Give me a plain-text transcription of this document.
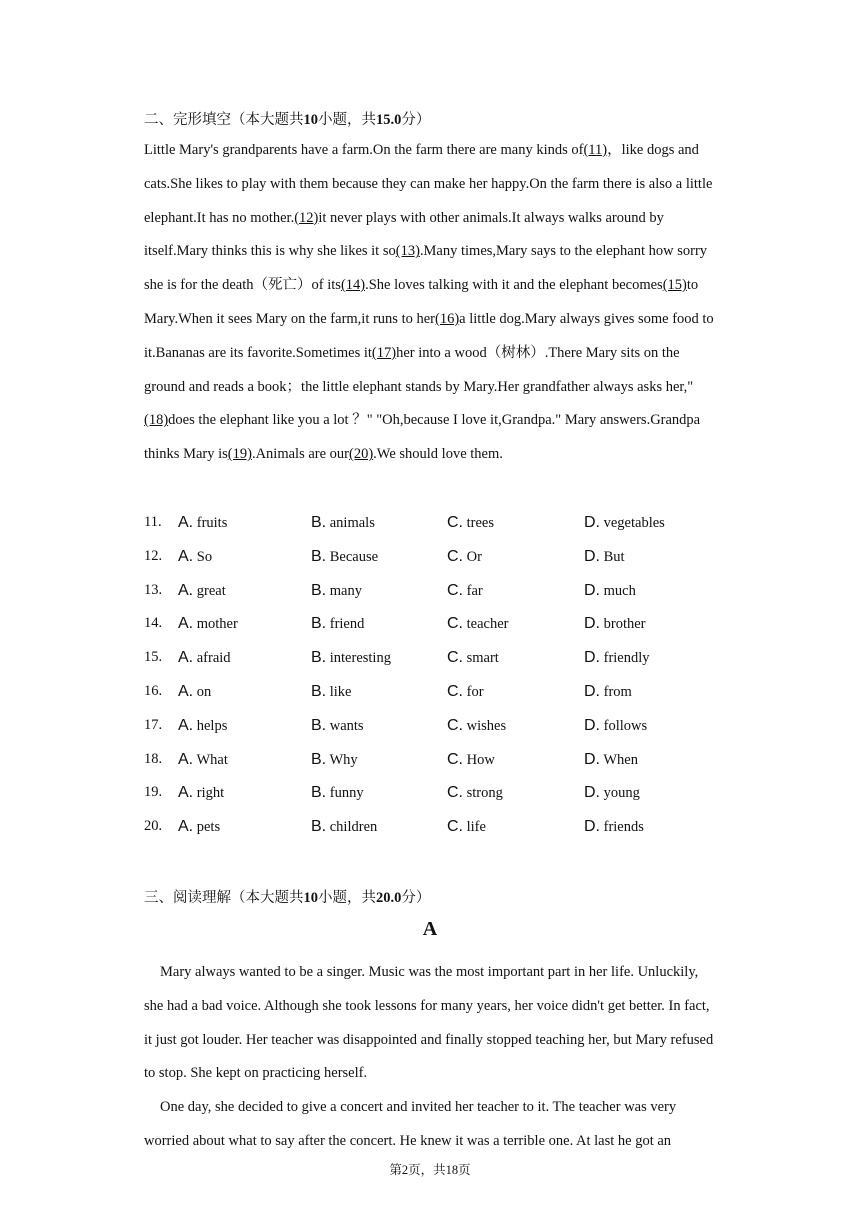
二、完形填空（本大题共10小题，共15.0分）

Little Mary's grandparents have a farm.On the farm there are many kinds of(11)，like dogs and cats.She likes to play with them because they can make her happy.On the farm there is also a little elephant.It has no mother.(12)it never plays with other animals.It always walks around by itself.Mary thinks this is why she likes it so(13).Many times,Mary says to the elephant how sorry she is for the death（死亡）of its(14).She loves talking with it and the elephant becomes(15)to Mary.When it sees Mary on the farm,it runs to her(16)a little dog.Mary always gives some food to it.Bananas are its favorite.Sometimes it(17)her into a wood（树林）.There Mary sits on the ground and reads a book；the little elephant stands by Mary.Her grandfather always asks her,"(18)does the elephant like you a lot ？" "Oh,because I love it,Grandpa." Mary answers.Grandpa thinks Mary is(19).Animals are our(20).We should love them.

11. A. fruits	B. animals	C. trees	D. vegetables
12. A. So	B. Because	C. Or	D. But
13. A. great	B. many	C. far	D. much
14. A. mother	B. friend	C. teacher	D. brother
15. A. afraid	B. interesting	C. smart	D. friendly
16. A. on	B. like	C. for	D. from
17. A. helps	B. wants	C. wishes	D. follows
18. A. What	B. Why	C. How	D. When
19. A. right	B. funny	C. strong	D. young
20. A. pets	B. children	C. life	D. friends
三、阅读理解（本大题共10小题，共20.0分）
A

Mary always wanted to be a singer. Music was the most important part in her life. Unluckily, she had a bad voice. Although she took lessons for many years, her voice didn't get better. In fact, it just got louder. Her teacher was disappointed and finally stopped teaching her, but Mary refused to stop. She kept on practicing herself.

One day, she decided to give a concert and invited her teacher to it. The teacher was very worried about what to say after the concert. He knew it was a terrible one. At last he got an

第2页，共18页
